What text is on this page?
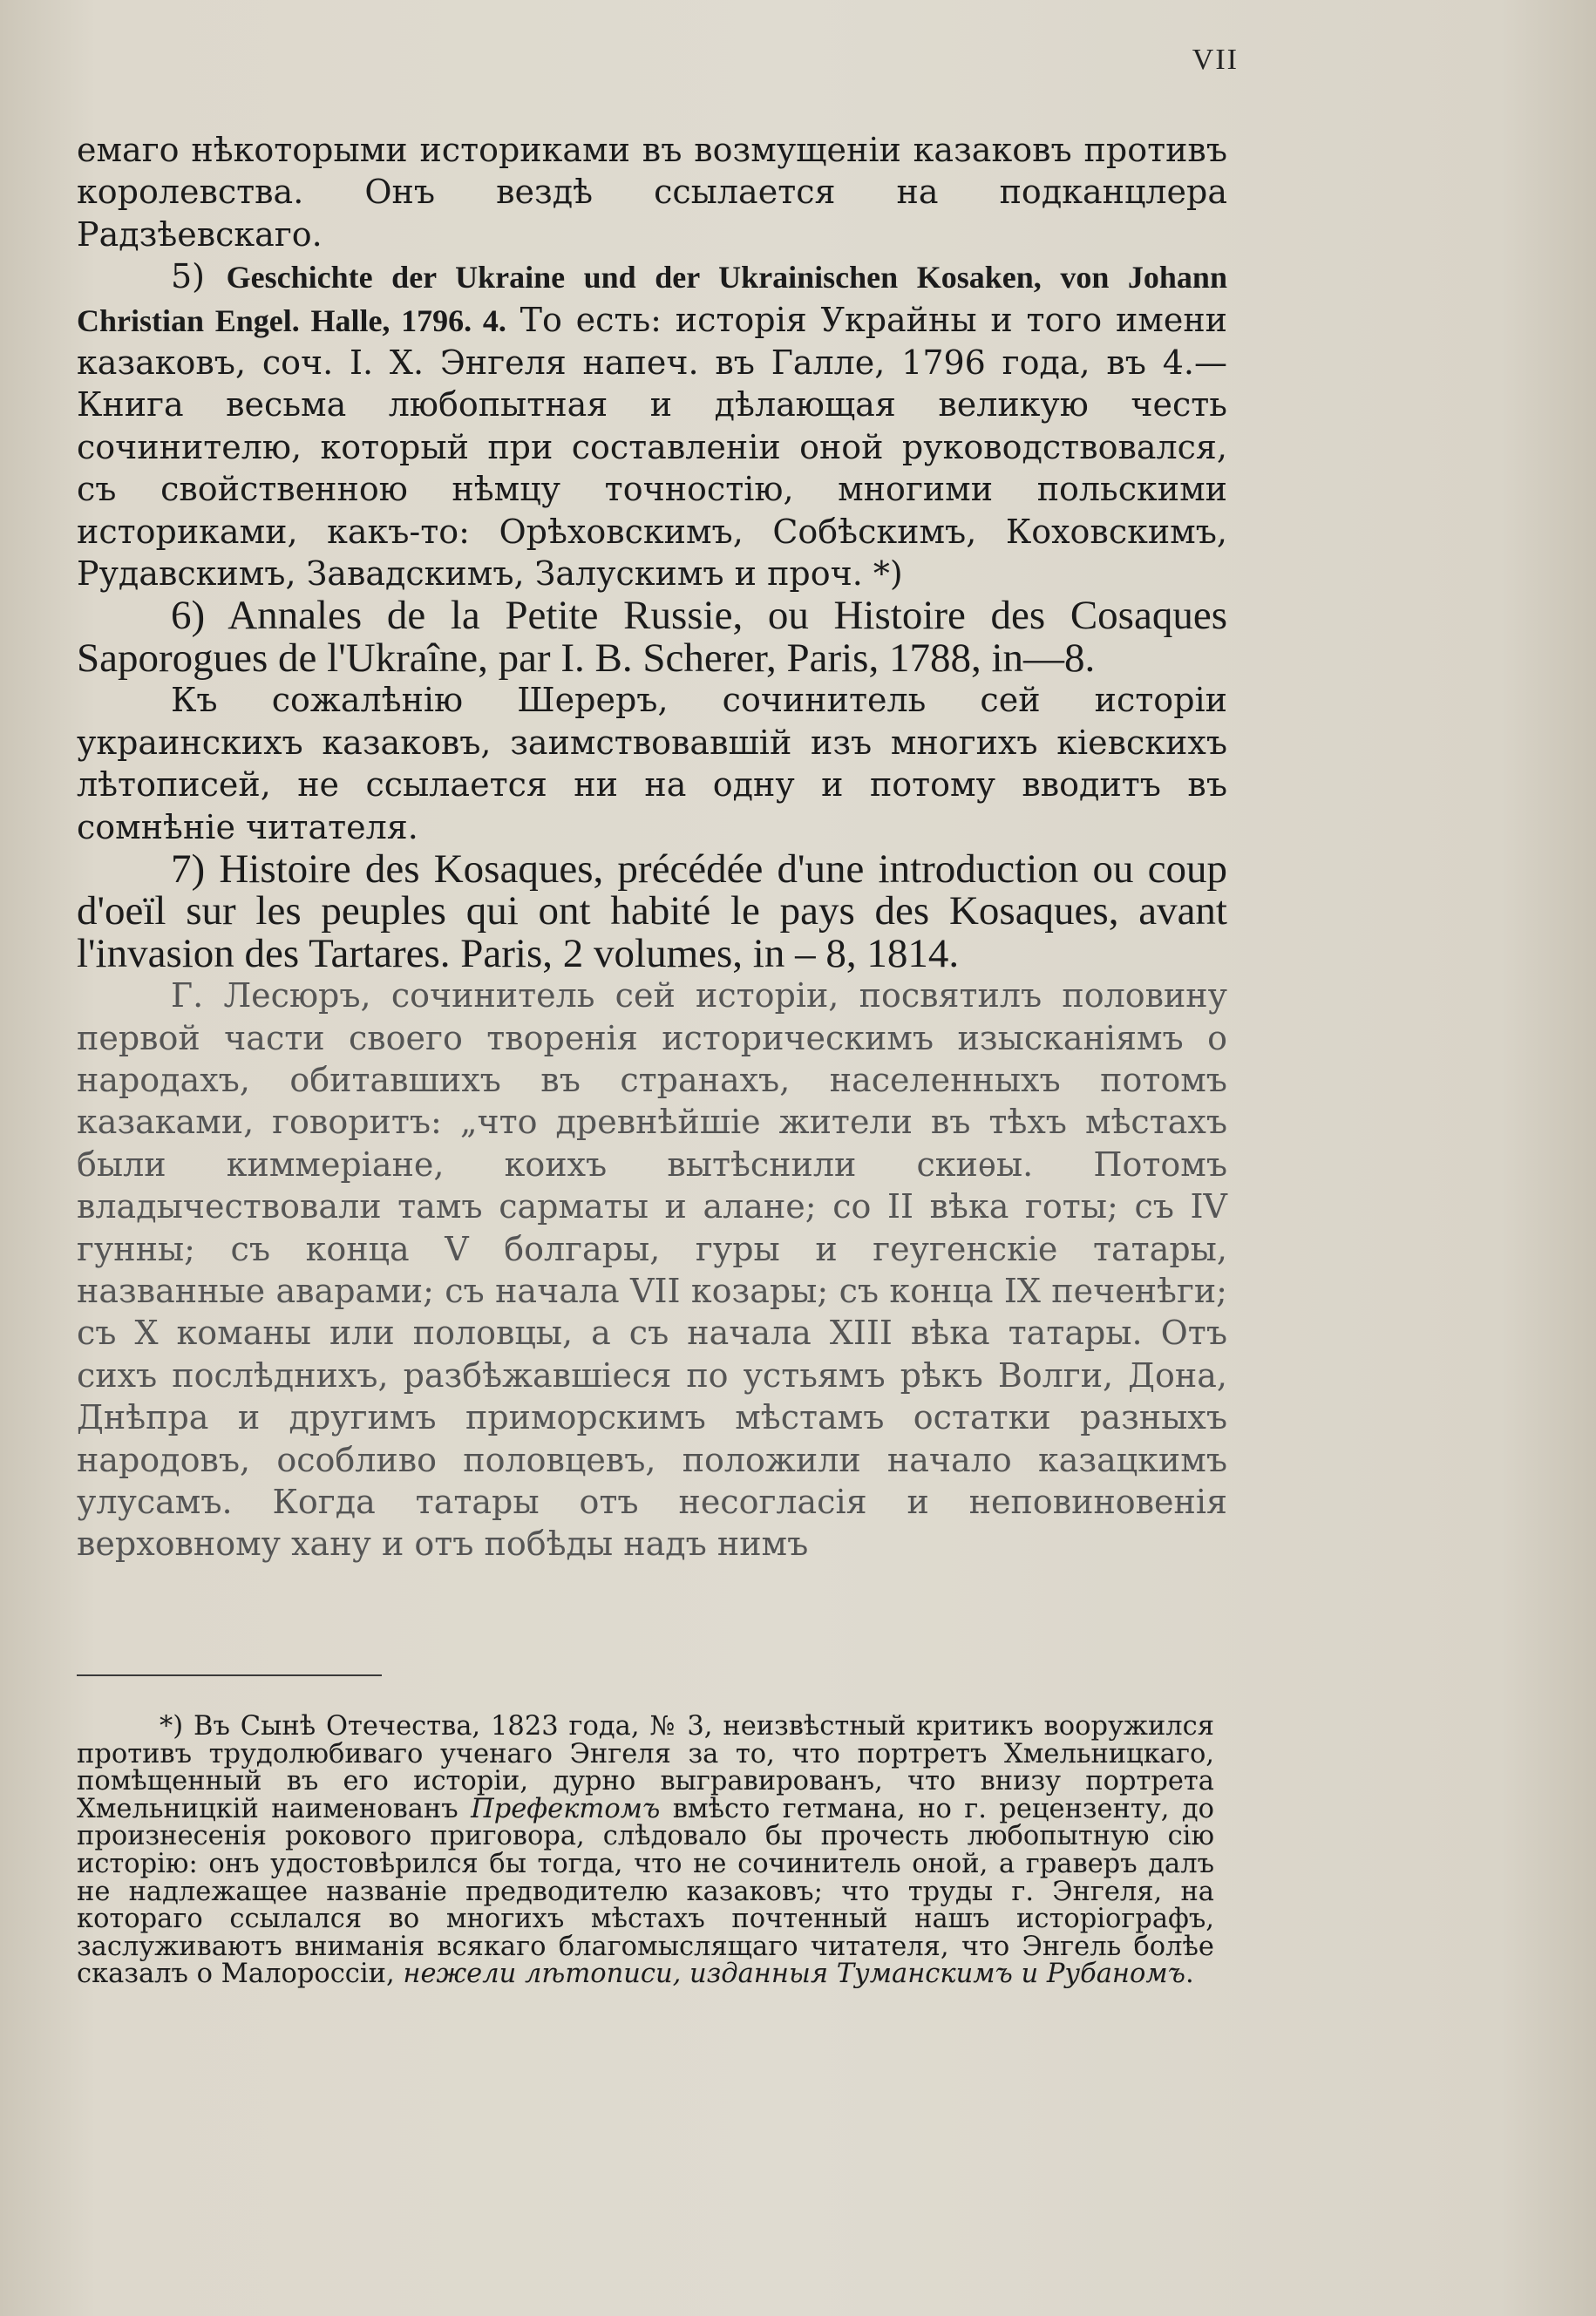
VII

емаго нѣкоторыми историками въ возмущеніи казаковъ противъ королевства. Онъ вездѣ ссылается на подканцлера Радзѣевскаго.

5) Geschichte der Ukraine und der Ukrainischen Kosaken, von Johann Christian Engel. Halle, 1796. 4. То есть: исторія Украйны и того имени казаковъ, соч. І. Х. Энгеля напеч. въ Галле, 1796 года, въ 4.—Книга весьма любопытная и дѣлающая великую честь сочинителю, который при составленіи оной руководствовался, съ свойственною нѣмцу точностію, многими польскими историками, какъ-то: Орѣховскимъ, Собѣскимъ, Коховскимъ, Рудавскимъ, Завадскимъ, Залускимъ и проч. *)

6) Annales de la Petite Russie, ou Histoire des Cosaques Saporogues de l'Ukraîne, par I. B. Scherer, Paris, 1788, in—8.

Къ сожалѣнію Шереръ, сочинитель сей исторіи украинскихъ казаковъ, заимствовавшій изъ многихъ кіевскихъ лѣтописей, не ссылается ни на одну и потому вводитъ въ сомнѣніе читателя.

7) Histoire des Kosaques, précédée d'une introduction ou coup d'oeïl sur les peuples qui ont habité le pays des Kosaques, avant l'invasion des Tartares. Paris, 2 volumes, in – 8, 1814.

Г. Лесюръ, сочинитель сей исторіи, посвятилъ половину первой части своего творенія историческимъ изысканіямъ о народахъ, обитавшихъ въ странахъ, населенныхъ потомъ казаками, говоритъ: „что древнѣйшіе жители въ тѣхъ мѣстахъ были киммеріане, коихъ вытѣснили скиѳы. Потомъ владычествовали тамъ сарматы и алане; со II вѣка готы; съ IV гунны; съ конца V болгары, гуры и геугенскіе татары, названные аварами; съ начала VII козары; съ конца IX печенѣги; съ X команы или половцы, а съ начала XIII вѣка татары. Отъ сихъ послѣднихъ, разбѣжавшіеся по устьямъ рѣкъ Волги, Дона, Днѣпра и другимъ приморскимъ мѣстамъ остатки разныхъ народовъ, особливо половцевъ, положили начало казацкимъ улусамъ. Когда татары отъ несогласія и неповиновенія верховному хану и отъ побѣды надъ нимъ

*) Въ Сынѣ Отечества, 1823 года, № 3, неизвѣстный критикъ вооружился противъ трудолюбиваго ученаго Энгеля за то, что портретъ Хмельницкаго, помѣщенный въ его исторіи, дурно выгравированъ, что внизу портрета Хмельницкій наименованъ Префектомъ вмѣсто гетмана, но г. рецензенту, до произнесенія рокового приговора, слѣдовало бы прочесть любопытную сію исторію: онъ удостовѣрился бы тогда, что не сочинитель оной, а граверъ далъ не надлежащее названіе предводителю казаковъ; что труды г. Энгеля, на котораго ссылался во многихъ мѣстахъ почтенный нашъ исторіографъ, заслуживаютъ вниманія всякаго благомыслящаго читателя, что Энгель болѣе сказалъ о Малороссіи, нежели лѣтописи, изданныя Туманскимъ и Рубаномъ.
